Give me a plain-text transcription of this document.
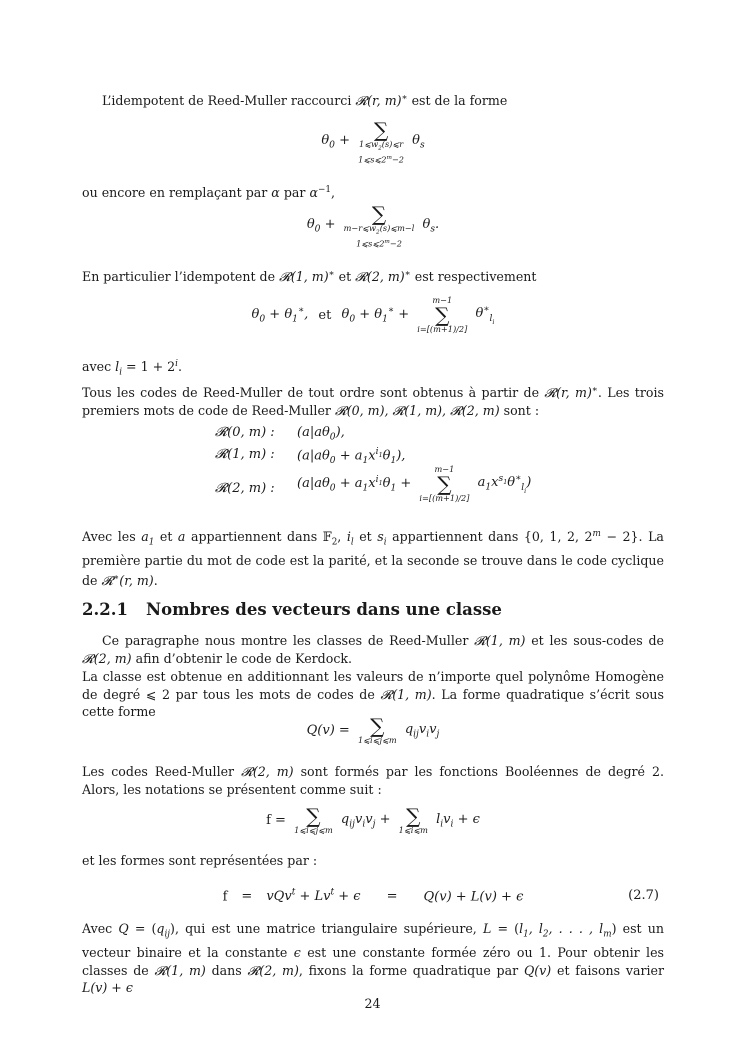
L’idempotent de Reed-Muller raccourci 𝓡(r, m)∗ est de la forme

$\theta_0$ +	∑
$1⩽w_2(s)⩽r$
$1⩽s⩽2^m-2$
$\theta_s$

ou encore en remplaçant par α par $\alpha^{-1}$,

$\theta_0$ +	∑
$m-r⩽w_2(s)⩽m-l$
$1⩽s⩽2^m-2$
$\theta_s$.

En particulier l’idempotent de 𝓡(1, m)∗ et 𝓡(2, m)∗ est respectivement

$\theta_0 + \theta_1^∗$, et $\theta_0 + \theta_1^∗$ +
m−1
∑
i=[(m+1)/2]
$\theta^∗_{l_i}$

avec $l_i = 1 + 2^i$.
Tous les codes de Reed-Muller de tout ordre sont obtenus à partir de 𝓡(r, m)∗. Les trois premiers mots de code de Reed-Muller 𝓡(0, m), 𝓡(1, m), 𝓡(2, m) sont :

𝓡(0, m) : $(a|a\theta_0)$,
𝓡(1, m) : $(a|a\theta_0 + a_1x^{i_1}\theta_1)$,
𝓡(2, m) : ($a|a\theta_0 + a_1x^{i_1}\theta_1$ +
m−1
∑
i=[(m+1)/2]
$a_1x^{s_1}\theta^∗_{l_i}$)

Avec les $a_1$ et a appartiennent dans 𝔽$_2$, $i_l$ et $s_i$ appartiennent dans {0, 1, 2, $2^m - 2$}. La première partie du mot de code est la parité, et la seconde se trouve dans le code cyclique de 𝓡∗(r, m).

2.2.1 Nombres des vecteurs dans une classe

Ce paragraphe nous montre les classes de Reed-Muller 𝓡(1, m) et les sous-codes de 𝓡(2, m) afin d’obtenir le code de Kerdock.

La classe est obtenue en additionnant les valeurs de n’importe quel polynôme Homogène de degré ⩽ 2 par tous les mots de codes de 𝓡(1, m). La forme quadratique s’écrit sous cette forme

Q(v) =	∑
1⩽i⩽j⩽m
$q_{ij}v_iv_j$

Les codes Reed-Muller 𝓡(2, m) sont formés par les fonctions Booléennes de degré 2. Alors, les notations se présentent comme suit :

f =	∑
1⩽i⩽j⩽m
$q_{ij}v_iv_j$ + ∑
1⩽i⩽m
$l_iv_i + \epsilon$

et les formes sont représentées par :

$f = vQv^t + Lv^t + \epsilon = Q(v) + L(v) + \epsilon$	(2.7)

Avec $Q = (q_{ij})$, qui est une matrice triangulaire supérieure, $L = (l_1$, $l_2$, . . . , $l_m$) est un vecteur binaire et la constante ϵ est une constante formée zéro ou 1. Pour obtenir les classes de 𝓡(1, m) dans 𝓡(2, m), fixons la forme quadratique par Q(v) et faisons varier L(v) + ϵ

24
